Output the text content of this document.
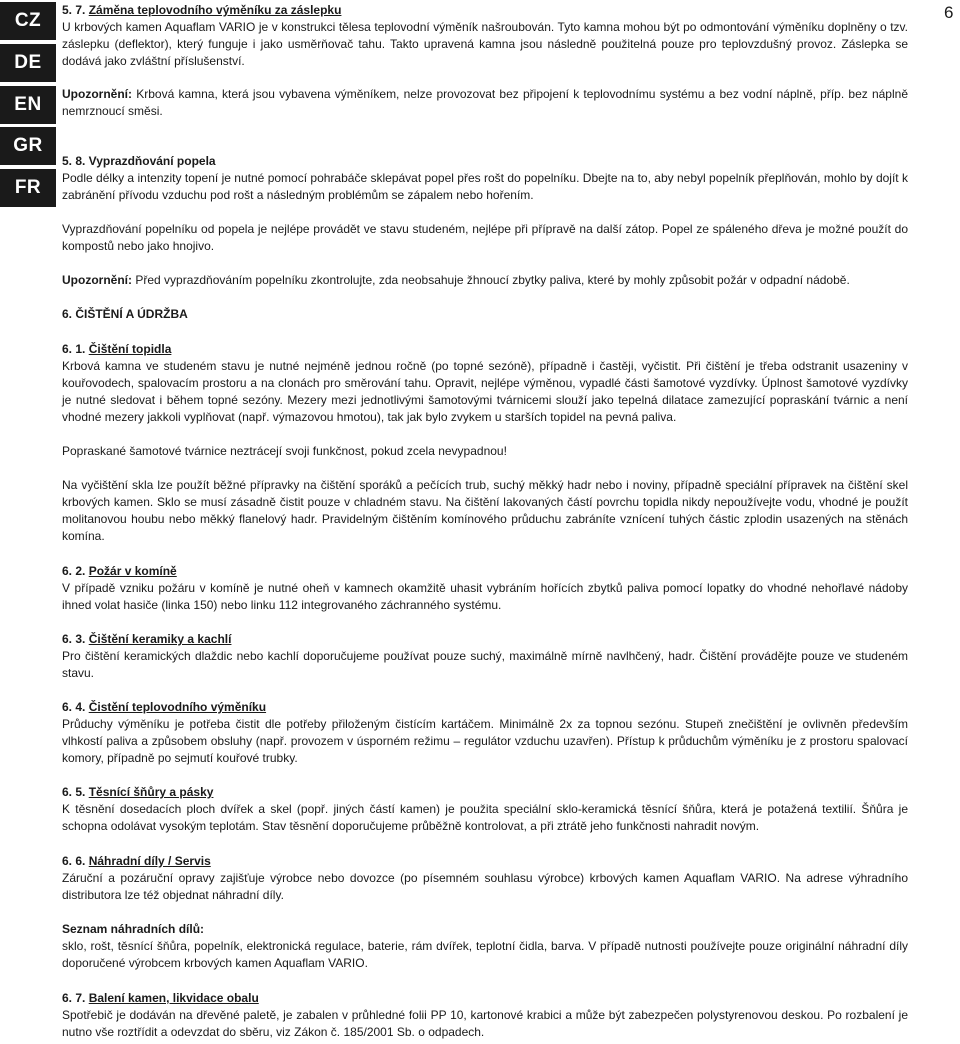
CZ
DE
EN
GR
FR
6
5. 7. Záměna teplovodního výměníku za záslepku
U krbových kamen Aquaflam VARIO je v konstrukci tělesa teplovodní výměník našroubován. Tyto kamna mohou být po odmontování výměníku doplněny o tzv. záslepku (deflektor), který funguje i jako usměrňovač tahu. Takto upravená kamna jsou následně použitelná pouze pro teplovzdušný provoz. Záslepka se dodává jako zvláštní příslušenství.
Upozornění: Krbová kamna, která jsou vybavena výměníkem, nelze provozovat bez připojení k teplovodnímu systému a bez vodní náplně, příp. bez náplně nemrznoucí směsi.
5. 8. Vyprazdňování popela
Podle délky a intenzity topení je nutné pomocí pohrabáče sklepávat popel přes rošt do popelníku. Dbejte na to, aby nebyl popelník přeplňován, mohlo by dojít k zabránění přívodu vzduchu pod rošt a následným problémům se zápalem nebo hořením.
Vyprazdňování popelníku od popela je nejlépe provádět ve stavu studeném, nejlépe při přípravě na další zátop. Popel ze spáleného dřeva je možné použít do kompostů nebo jako hnojivo.
Upozornění: Před vyprazdňováním popelníku zkontrolujte, zda neobsahuje žhnoucí zbytky paliva, které by mohly způsobit požár v odpadní nádobě.
6. ČIŠTĚNÍ A ÚDRŽBA
6. 1. Čištění topidla
Krbová kamna ve studeném stavu je nutné nejméně jednou ročně (po topné sezóně), případně i častěji, vyčistit. Při čištění je třeba odstranit usazeniny v kouřovodech, spalovacím prostoru a na clonách pro směrování tahu. Opravit, nejlépe výměnou, vypadlé části šamotové vyzdívky. Úplnost šamotové vyzdívky je nutné sledovat i během topné sezóny. Mezery mezi jednotlivými šamotovými tvárnicemi slouží jako tepelná dilatace zamezující popraskání tvárnic a není vhodné mezery jakkoli vyplňovat (např. výmazovou hmotou), tak jak bylo zvykem u starších topidel na pevná paliva.
Popraskané šamotové tvárnice neztrácejí svoji funkčnost, pokud zcela nevypadnou!
Na vyčištění skla lze použít běžné přípravky na čištění sporáků a pečících trub, suchý měkký hadr nebo i noviny, případně speciální přípravek na čištění skel krbových kamen. Sklo se musí zásadně čistit pouze v chladném stavu. Na čištění lakovaných částí povrchu topidla nikdy nepoužívejte vodu, vhodné je použít molitanovou houbu nebo měkký flanelový hadr. Pravidelným čištěním komínového průduchu zabráníte vznícení tuhých částic zplodin usazených na stěnách komína.
6. 2. Požár v komíně
V případě vzniku požáru v komíně je nutné oheň v kamnech okamžitě uhasit vybráním hořících zbytků paliva pomocí lopatky do vhodné nehořlavé nádoby ihned volat hasiče (linka 150) nebo linku 112 integrovaného záchranného systému.
6. 3. Čištění keramiky a kachlí
Pro čištění keramických dlaždic nebo kachlí doporučujeme používat pouze suchý, maximálně mírně navlhčený, hadr. Čištění provádějte pouze ve studeném stavu.
6. 4. Čistění teplovodního výměníku
Průduchy výměníku je potřeba čistit dle potřeby přiloženým čistícím kartáčem. Minimálně 2x za topnou sezónu. Stupeň znečištění je ovlivněn především vlhkostí paliva a způsobem obsluhy (např. provozem v úsporném režimu – regulátor vzduchu uzavřen). Přístup k průduchům výměníku je z prostoru spalovací komory, případně po sejmutí kouřové trubky.
6. 5. Těsnící šňůry a pásky
K těsnění dosedacích ploch dvířek a skel (popř. jiných částí kamen) je použita speciální sklo-keramická těsnící šňůra, která je potažená textilií. Šňůra je schopna odolávat vysokým teplotám. Stav těsnění doporučujeme průběžně kontrolovat, a při ztrátě jeho funkčnosti nahradit novým.
6. 6. Náhradní díly / Servis
Záruční a pozáruční opravy zajišťuje výrobce nebo dovozce (po písemném souhlasu výrobce) krbových kamen Aquaflam VARIO. Na adrese výhradního distributora lze též objednat náhradní díly.
Seznam náhradních dílů:
sklo, rošt, těsnící šňůra, popelník, elektronická regulace, baterie, rám dvířek, teplotní čidla, barva. V případě nutnosti používejte pouze originální náhradní díly doporučené výrobcem krbových kamen Aquaflam VARIO.
6. 7. Balení kamen, likvidace obalu
Spotřebič je dodáván na dřevěné paletě, je zabalen v průhledné folii PP 10, kartonové krabici a může být zabezpečen polystyrenovou deskou. Po rozbalení je nutno vše roztřídit a odevzdat do sběru, viz Zákon č. 185/2001 Sb. o odpadech.
